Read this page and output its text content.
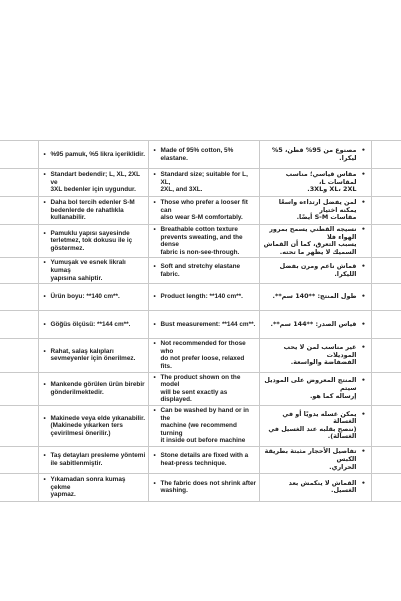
	• %95 pamuk, %5 likra içeriklidir.	• Made of 95% cotton, 5% elastane.	•
مصنوع من 95% قطن، 5% ليكرا.	

	• Standart bedendir; L, XL, 2XL ve
3XL bedenler için uygundur.	• Standard size; suitable for L, XL,
2XL, and 3XL.	•
مقاس قياسي؛ مناسب لمقاسات L،
XL، 2XL و3XL.	

	• Daha bol tercih edenler S-M
bedenlerde de rahatlıkla
kullanabilir.	• Those who prefer a looser fit can
also wear S-M comfortably.	•
لمن يفضل ارتداءه واسعًا يمكنه اختيار
مقاسات S-M أيضًا.	

	• Pamuklu yapısı sayesinde
terletmez, tok dokusu ile iç
göstermez.	• Breathable cotton texture
prevents sweating, and the dense
fabric is non-see-through.	•
نسيجه القطني يسمح بمرور الهواء فلا
يسبب التعرق، كما أن القماش
السميك لا يظهر ما تحته.	

	• Yumuşak ve esnek likralı kumaş
yapısına sahiptir.	• Soft and stretchy elastane fabric.	•
قماش ناعم ومرن بفضل الليكرا.	

	• Ürün boyu: **140 cm**.	• Product length: **140 cm**.	•
طول المنتج: **140 سم**.	

	• Göğüs ölçüsü: **144 cm**.	• Bust measurement: **144 cm**.	•
قياس الصدر: **144 سم**.	

	• Rahat, salaş kalıpları
sevmeyenler için önerilmez.	• Not recommended for those who
do not prefer loose, relaxed fits.	•
غير مناسب لمن لا يحب الموديلات
الفضفاضة والواسعة.	

	• Mankende görülen ürün birebir
gönderilmektedir.	• The product shown on the model
will be sent exactly as displayed.	•
المنتج المعروض على الموديل سيتم
إرساله كما هو.	

	• Makinede veya elde yıkanabilir.
(Makinede yıkarken ters
çevirilmesi önerilir.)	• Can be washed by hand or in the
machine (we recommend turning
it inside out before machine	•
يمكن غسله يدويًا أو في الغسالة
(ننصح بقلبه عند الغسيل في
الغسالة).	

	• Taş detayları presleme yöntemi
ile sabitlenmiştir.	• Stone details are fixed with a
heat-press technique.	•
تفاصيل الأحجار مثبتة بطريقة الكبس
الحراري.	

	• Yıkamadan sonra kumaş çekme
yapmaz.	• The fabric does not shrink after
washing.	•
القماش لا ينكمش بعد الغسيل.	
